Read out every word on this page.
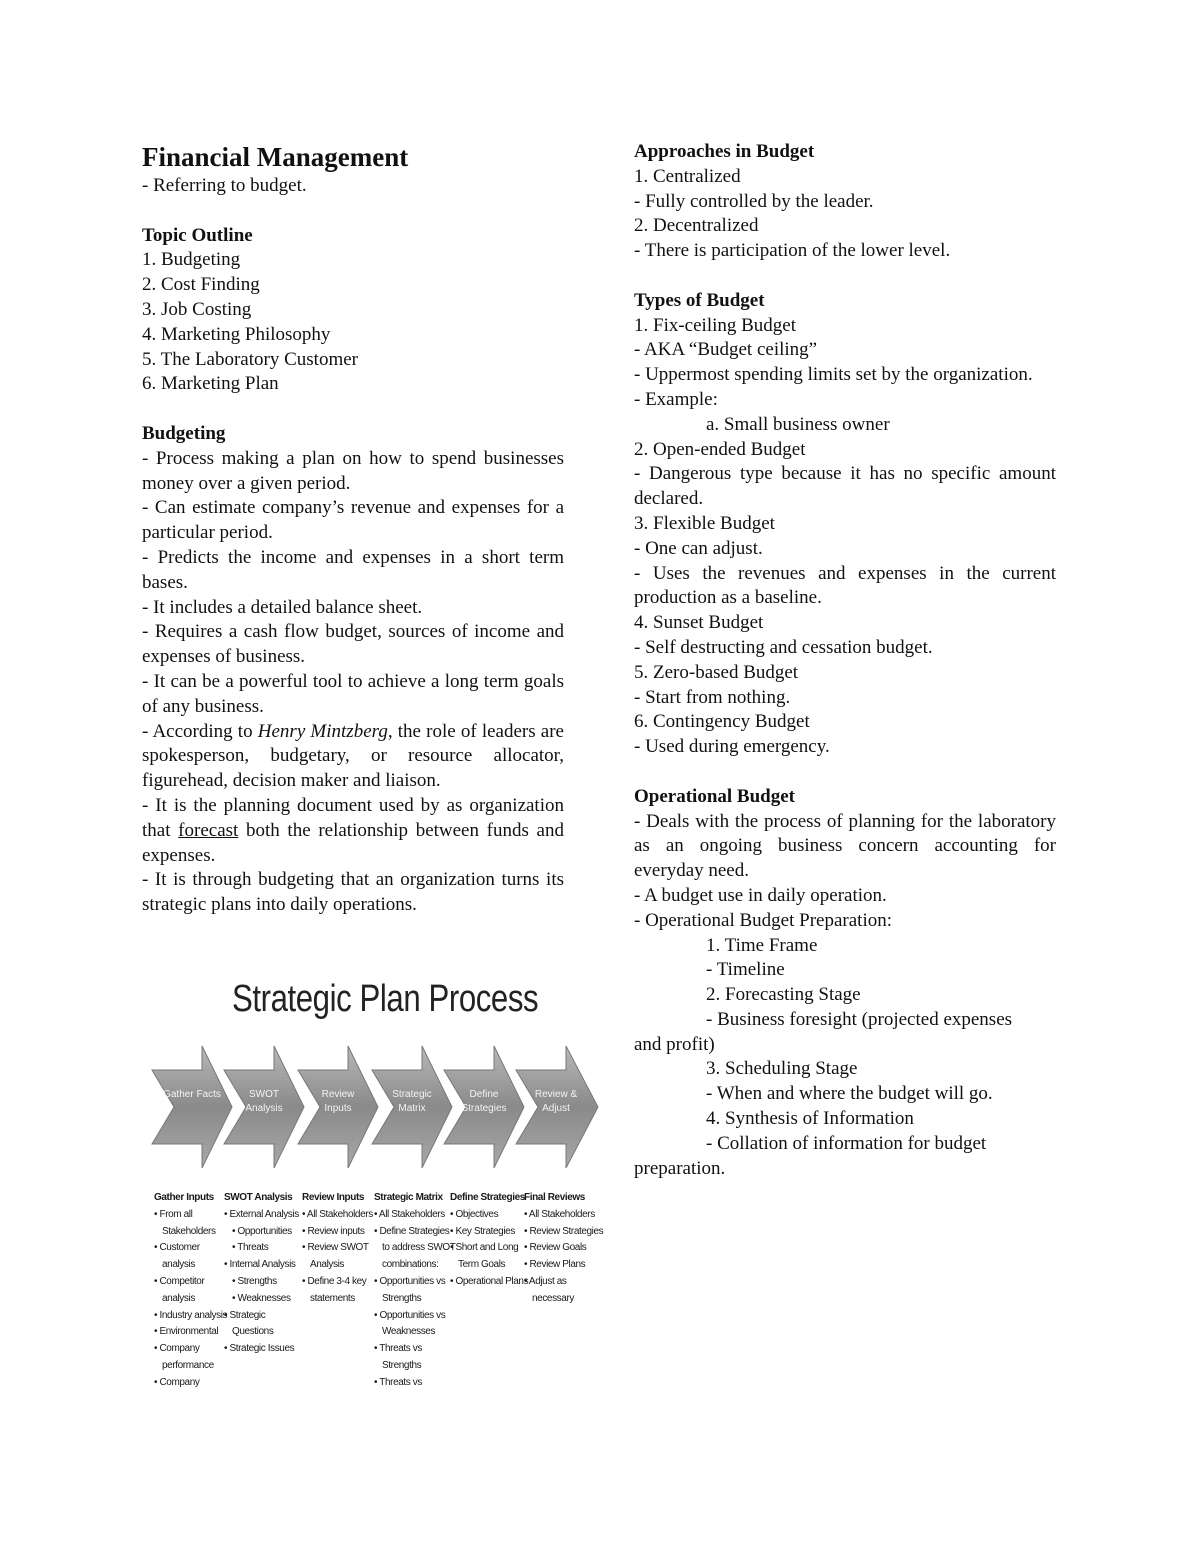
Financial Management

- Referring to budget.

Topic Outline

1. Budgeting

2. Cost Finding

3. Job Costing

4. Marketing Philosophy

5. The Laboratory Customer

6. Marketing Plan

Budgeting

- Process making a plan on how to spend businesses money over a given period.

- Can estimate company’s revenue and expenses for a particular period.

- Predicts the income and expenses in a short term bases.

- It includes a detailed balance sheet.

- Requires a cash flow budget, sources of income and expenses of business.

- It can be a powerful tool to achieve a long term goals of any business.

- According to Henry Mintzberg, the role of leaders are spokesperson, budgetary, or resource allocator, figurehead, decision maker and liaison.

- It is the planning document used by as organization that forecast both the relationship between funds and expenses.

- It is through budgeting that an organization turns its strategic plans into daily operations.

Strategic Plan Process
Gather Facts	SWOT Analysis
Review Inputs
Strategic Matrix
Define Strategies
Review & Adjust

Gather Inputs

• From all

Stakeholders

• Customer

analysis

• Competitor

analysis

• Industry analysis

• Environmental

• Company

performance

• Company

SWOT Analysis

• External Analysis

• Opportunities

• Threats

• Internal Analysis

• Strengths

• Weaknesses

• Strategic

Questions

• Strategic Issues

Review Inputs

• All Stakeholders

• Review inputs

• Review SWOT

Analysis

• Define 3-4 key

statements

Strategic Matrix

• All Stakeholders

• Define Strategies

to address SWOT

combinations:

• Opportunities vs

Strengths

• Opportunities vs

Weaknesses

• Threats vs

Strengths

• Threats vs

Define Strategies

• Objectives

• Key Strategies

• Short and Long

Term Goals

• Operational Plans

Final Reviews

• All Stakeholders

• Review Strategies

• Review Goals

• Review Plans

• Adjust as

necessary

Approaches in Budget

1. Centralized

- Fully controlled by the leader.

2. Decentralized

- There is participation of the lower level.

Types of Budget

1. Fix-ceiling Budget

- AKA “Budget ceiling”

- Uppermost spending limits set by the organization.

- Example:

a. Small business owner

2. Open-ended Budget

- Dangerous type because it has no specific amount declared.

3. Flexible Budget

- One can adjust.

- Uses the revenues and expenses in the current production as a baseline.

4. Sunset Budget

- Self destructing and cessation budget.

5. Zero-based Budget

- Start from nothing.

6. Contingency Budget

- Used during emergency.

Operational Budget

- Deals with the process of planning for the laboratory as an ongoing business concern accounting for everyday need.

- A budget use in daily operation.

- Operational Budget Preparation:

1. Time Frame

- Timeline

2. Forecasting Stage

- Business foresight (projected expenses

and profit)

3. Scheduling Stage

- When and where the budget will go.

4. Synthesis of Information

- Collation of information for budget

preparation.
